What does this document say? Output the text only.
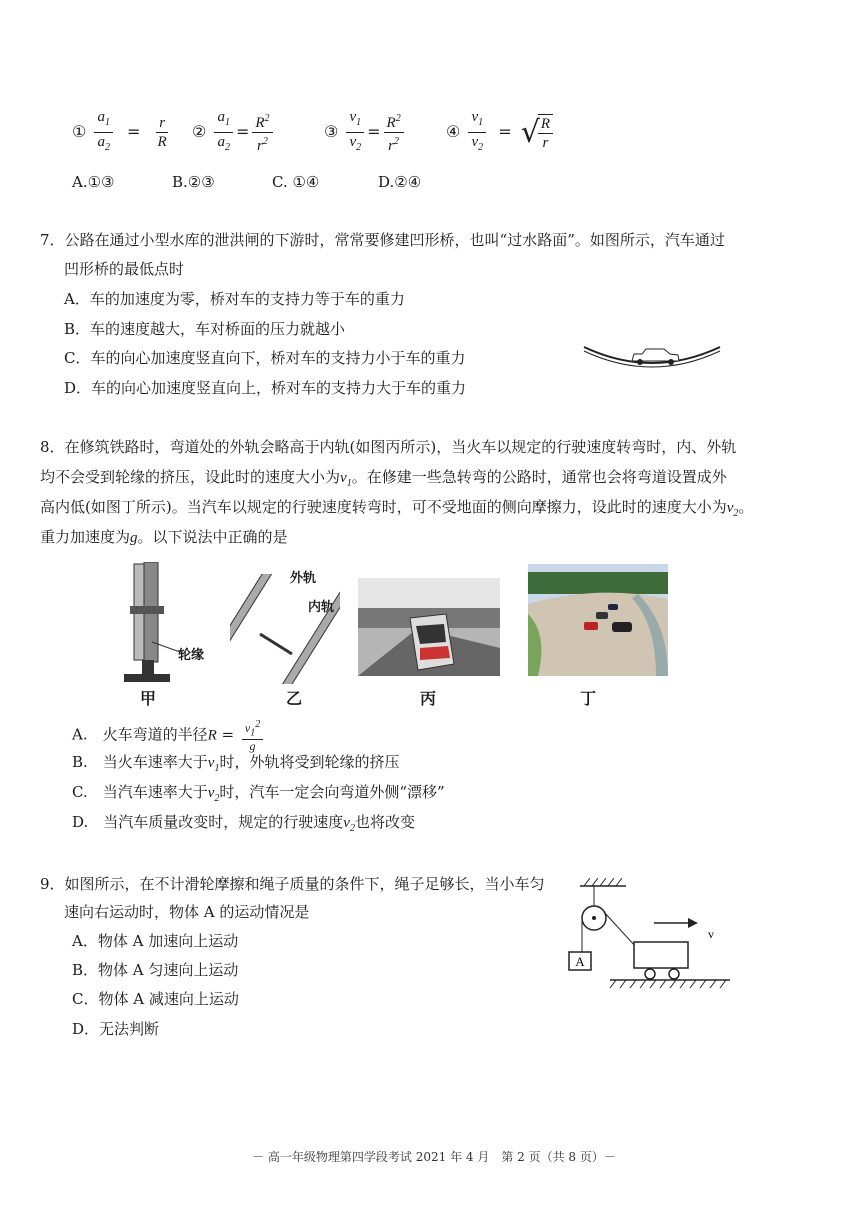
① $\frac{a_1}{a_2} = \frac{r}{R}$ ② $\frac{a_1}{a_2} = \frac{R^2}{r^2}$	③ $\frac{v_1}{v_2} = \frac{R^2}{r^2}$	④ $\frac{v_1}{v_2}$ = √
$\frac{R}{r}$
A.①③	B.②③	C. ①④	D.②④
7．公路在通过小型水库的泄洪闸的下游时，常常要修建凹形桥，也叫“过水路面”。如图所示，汽车通过
凹形桥的最低点时
A．车的加速度为零，桥对车的支持力等于车的重力
B．车的速度越大，车对桥面的压力就越小
C．车的向心加速度竖直向下，桥对车的支持力小于车的重力
D．车的向心加速度竖直向上，桥对车的支持力大于车的重力
8．在修筑铁路时，弯道处的外轨会略高于内轨(如图丙所示)，当火车以规定的行驶速度转弯时，内、外轨
均不会受到轮缘的挤压，设此时的速度大小为$v_1$。在修建一些急转弯的公路时，通常也会将弯道设置成外
高内低(如图丁所示)。当汽车以规定的行驶速度转弯时，可不受地面的侧向摩擦力，设此时的速度大小为$v_2$。
重力加速度为g。以下说法中正确的是
轮缘
外轨
内轨
甲	乙	丙	丁
A.　火车弯道的半径$R = \frac{v_1^2}{g}$
B.　当火车速率大于$v_1$时，外轨将受到轮缘的挤压
C.　当汽车速率大于$v_2$时，汽车一定会向弯道外侧“漂移”
D.　当汽车质量改变时，规定的行驶速度$v_2$也将改变
9．如图所示，在不计滑轮摩擦和绳子质量的条件下，绳子足够长，当小车匀
速向右运动时，物体 A 的运动情况是
A．物体 A 加速向上运动
B．物体 A 匀速向上运动
C．物体 A 减速向上运动
D．无法判断
A
v
－ 高一年级物理第四学段考试 2021 年 4 月　第 2 页（共 8 页）－
